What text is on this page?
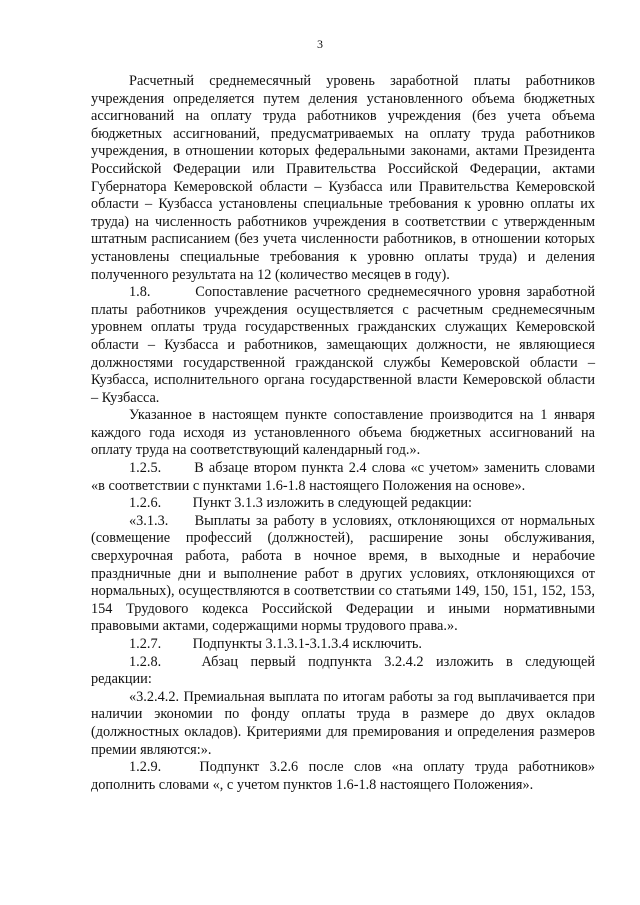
3

Расчетный среднемесячный уровень заработной платы работников учреждения определяется путем деления установленного объема бюджетных ассигнований на оплату труда работников учреждения (без учета объема бюджетных ассигнований, предусматриваемых на оплату труда работников учреждения, в отношении которых федеральными законами, актами Президента Российской Федерации или Правительства Российской Федерации, актами Губернатора Кемеровской области – Кузбасса или Правительства Кемеровской области – Кузбасса установлены специальные требования к уровню оплаты их труда) на численность работников учреждения в соответствии с утвержденным штатным расписанием (без учета численности работников, в отношении которых установлены специальные требования к уровню оплаты труда) и деления полученного результата на 12 (количество месяцев в году).

1.8.	Сопоставление расчетного среднемесячного уровня заработной платы работников учреждения осуществляется с расчетным среднемесячным уровнем оплаты труда государственных гражданских служащих Кемеровской области – Кузбасса и работников, замещающих должности, не являющиеся должностями государственной гражданской службы Кемеровской области – Кузбасса, исполнительного органа государственной власти Кемеровской области – Кузбасса.

Указанное в настоящем пункте сопоставление производится на 1 января каждого года исходя из установленного объема бюджетных ассигнований на оплату труда на соответствующий календарный год.».

1.2.5. В абзаце втором пункта 2.4 слова «с учетом» заменить словами «в соответствии с пунктами 1.6-1.8 настоящего Положения на основе».

1.2.6. Пункт 3.1.3 изложить в следующей редакции:

«3.1.3. Выплаты за работу в условиях, отклоняющихся от нормальных (совмещение профессий (должностей), расширение зоны обслуживания, сверхурочная работа, работа в ночное время, в выходные и нерабочие праздничные дни и выполнение работ в других условиях, отклоняющихся от нормальных), осуществляются в соответствии со статьями 149, 150, 151, 152, 153, 154 Трудового кодекса Российской Федерации и иными нормативными правовыми актами, содержащими нормы трудового права.».

1.2.7. Подпункты 3.1.3.1-3.1.3.4 исключить.

1.2.8.	Абзац первый подпункта 3.2.4.2 изложить в следующей редакции:

«3.2.4.2. Премиальная выплата по итогам работы за год выплачивается при наличии экономии по фонду оплаты труда в размере до двух окладов (должностных окладов). Критериями для премирования и определения размеров премии являются:».

1.2.9.	Подпункт 3.2.6 после слов «на оплату труда работников» дополнить словами «, с учетом пунктов 1.6-1.8 настоящего Положения».
